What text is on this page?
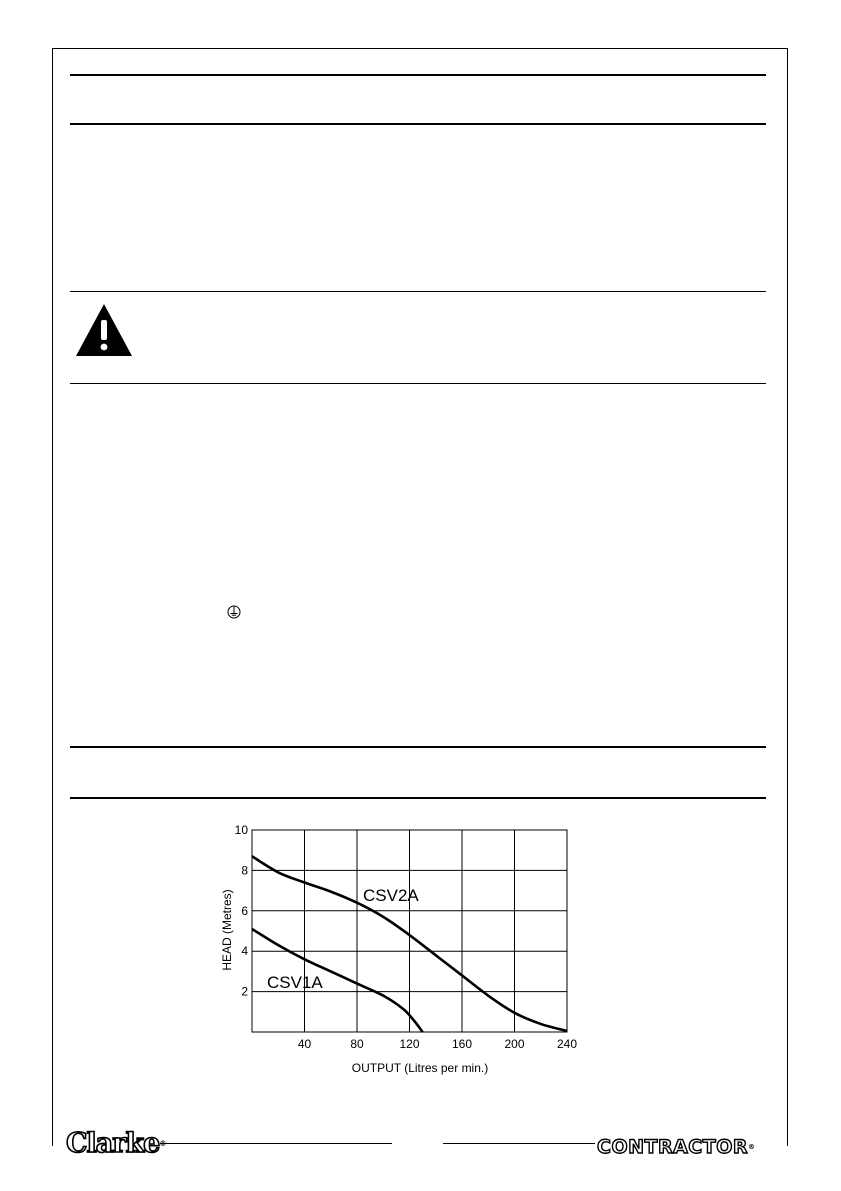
40	80	120	160	200	240
2
4
6
8
10
CSV2A
CSV1A
OUTPUT (Litres per min.)
HEAD (Metres)
Clarke®	CONTRACTOR®
